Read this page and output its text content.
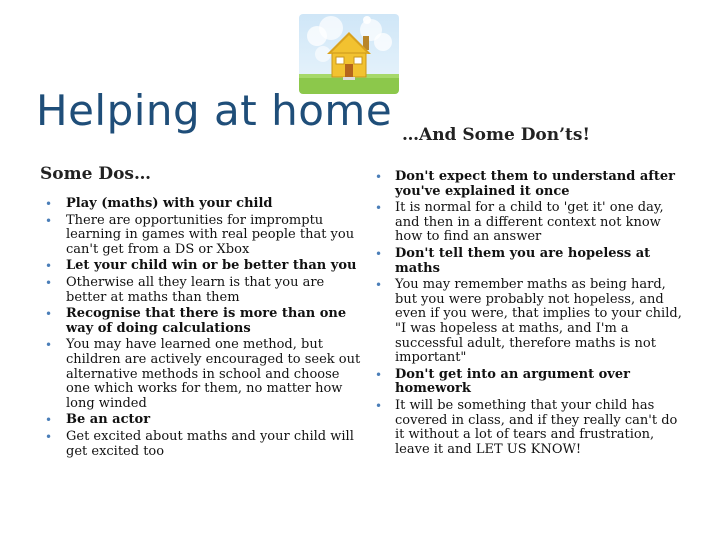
Helping at home …And Some Don’ts!
Some Dos…
• Play (maths) with your child
• There are opportunities for impromptu learning in games with real people that you can't get from a DS or Xbox
• Let your child win or be better than you
• Otherwise all they learn is that you are better at maths than them
• Recognise that there is more than one way of doing calculations
• You may have learned one method, but children are actively encouraged to seek out alternative methods in school and choose one which works for them, no matter how long winded
• Be an actor
• Get excited about maths and your child will get excited too
• Don't expect them to understand after you've explained it once
• It is normal for a child to 'get it' one day, and then in a different context not know how to find an answer
• Don't tell them you are hopeless at maths
• You may remember maths as being hard, but you were probably not hopeless, and even if you were, that implies to your child, "I was hopeless at maths, and I'm a successful adult, therefore maths is not important"
• Don't get into an argument over homework
• It will be something that your child has covered in class, and if they really can't do it without a lot of tears and frustration, leave it and LET US KNOW!
